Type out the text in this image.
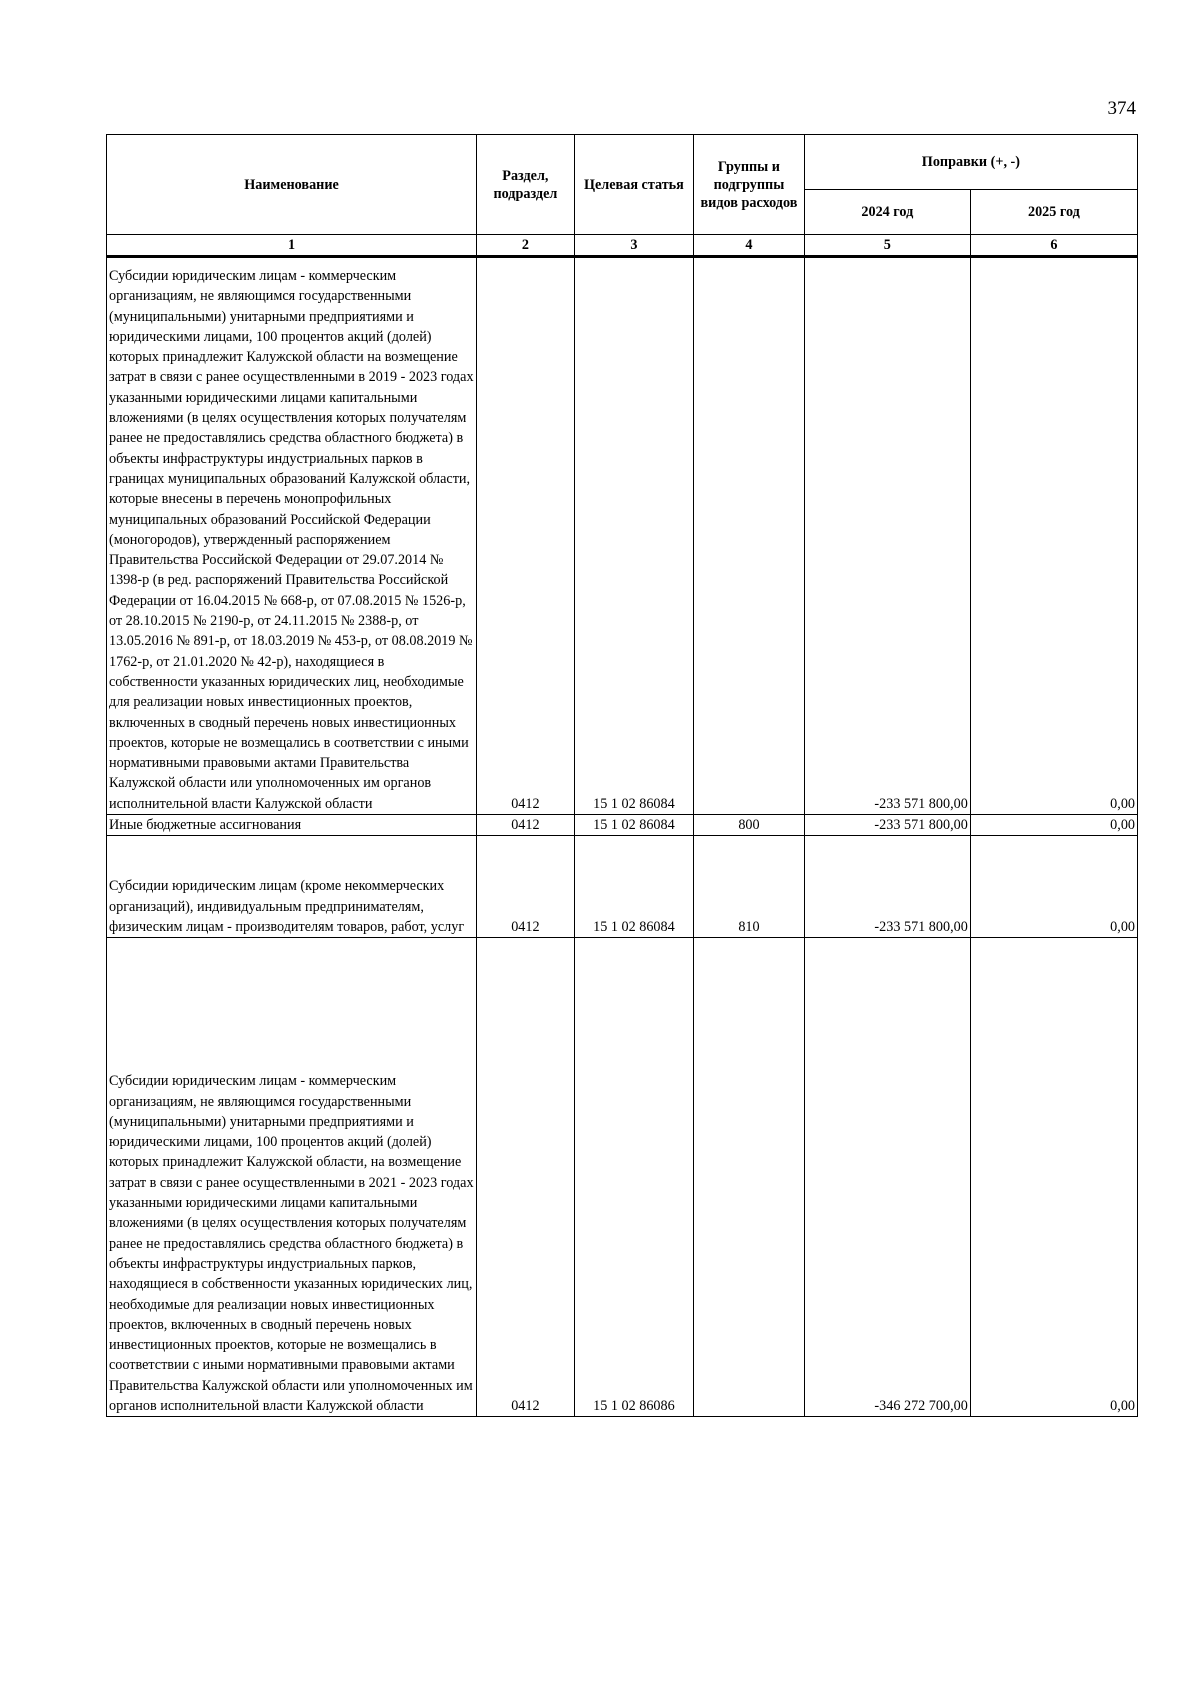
374
Наименование	Раздел, подраздел	Целевая статья	Группы и подгруппы видов расходов	Поправки (+, -)	
				2024 год	2025 год
1	2	3	4	5	6
Субсидии юридическим лицам - коммерческим организациям, не являющимся государственными (муниципальными) унитарными предприятиями и юридическими лицами, 100 процентов акций (долей) которых принадлежит Калужской области на возмещение затрат в связи с ранее осуществленными в 2019 - 2023 годах указанными юридическими лицами капитальными вложениями (в целях осуществления которых получателям ранее не предоставлялись средства областного бюджета) в объекты инфраструктуры индустриальных парков в границах муниципальных образований Калужской области, которые внесены в перечень монопрофильных муниципальных образований Российской Федерации (моногородов), утвержденный распоряжением Правительства Российской Федерации от 29.07.2014 № 1398-р (в ред. распоряжений Правительства Российской Федерации от 16.04.2015 № 668-р, от 07.08.2015 № 1526-р, от 28.10.2015 № 2190-р, от 24.11.2015 № 2388-р, от 13.05.2016 № 891-р, от 18.03.2019 № 453-р, от 08.08.2019 № 1762-р, от 21.01.2020 № 42-р), находящиеся в собственности указанных юридических лиц, необходимые для реализации новых инвестиционных проектов, включенных в сводный перечень новых инвестиционных проектов, которые не возмещались в соответствии с иными нормативными правовыми актами Правительства Калужской области или уполномоченных им органов исполнительной власти Калужской области	0412	15 1 02 86084		-233 571 800,00	0,00
Иные бюджетные ассигнования	0412	15 1 02 86084	800	-233 571 800,00	0,00
Субсидии юридическим лицам (кроме некоммерческих организаций), индивидуальным предпринимателям, физическим лицам - производителям товаров, работ, услуг	0412	15 1 02 86084	810	-233 571 800,00	0,00
Субсидии юридическим лицам - коммерческим организациям, не являющимся государственными (муниципальными) унитарными предприятиями и юридическими лицами, 100 процентов акций (долей) которых принадлежит Калужской области, на возмещение затрат в связи с ранее осуществленными в 2021 - 2023 годах указанными юридическими лицами капитальными вложениями (в целях осуществления которых получателям ранее не предоставлялись средства областного бюджета) в объекты инфраструктуры индустриальных парков, находящиеся в собственности указанных юридических лиц, необходимые для реализации новых инвестиционных проектов, включенных в сводный перечень новых инвестиционных проектов, которые не возмещались в соответствии с иными нормативными правовыми актами Правительства Калужской области или уполномоченных им органов исполнительной власти Калужской области	0412	15 1 02 86086		-346 272 700,00	0,00
